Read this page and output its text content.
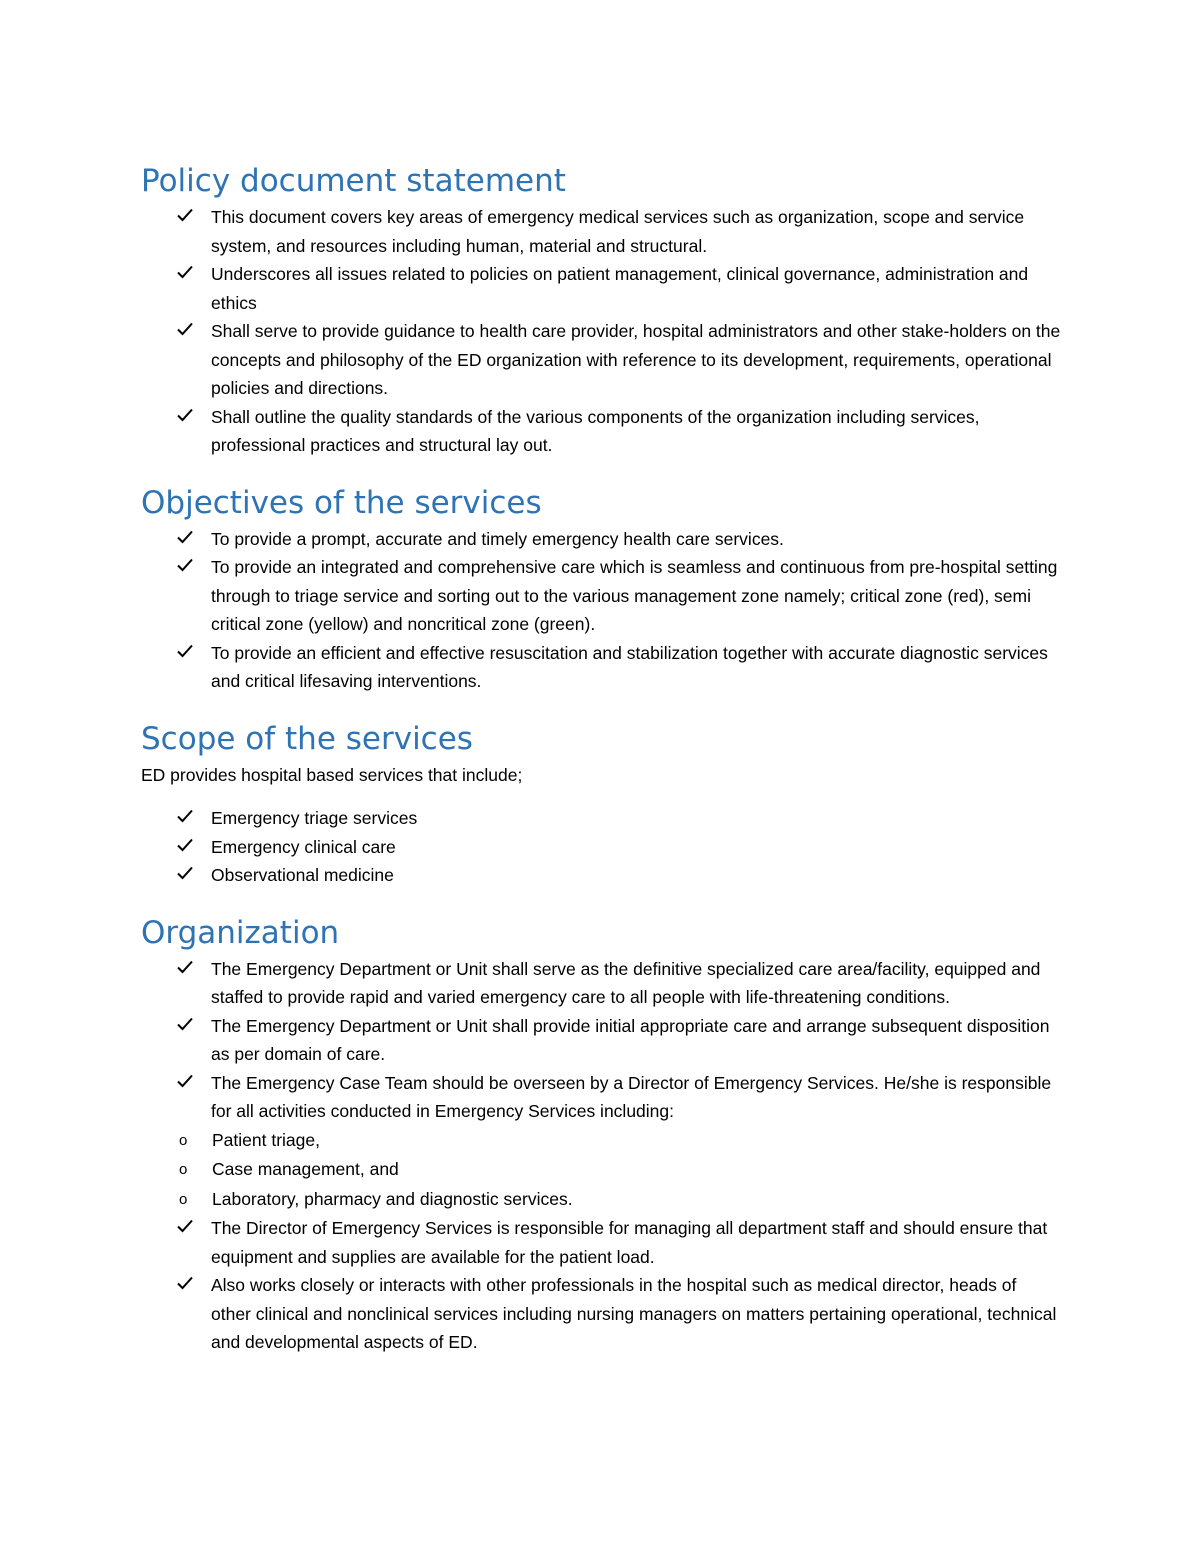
Policy document statement
This document covers key areas of emergency medical services such as organization, scope and service system, and resources including human, material and structural.
Underscores all issues related to policies on patient management, clinical governance, administration and ethics
Shall serve to provide guidance to health care provider, hospital administrators and other stake-holders on the concepts and philosophy of the ED organization with reference to its development, requirements, operational policies and directions.
Shall outline the quality standards of the various components of the organization including services, professional practices and structural lay out.
Objectives of the services
To provide a prompt, accurate and timely emergency health care services.
To provide an integrated and comprehensive care which is seamless and continuous from pre-hospital setting through to triage service and sorting out to the various management zone namely; critical zone (red), semi critical zone (yellow) and noncritical zone (green).
To provide an efficient and effective resuscitation and stabilization together with accurate diagnostic services and critical lifesaving interventions.
Scope of the services

ED provides hospital based services that include;

Emergency triage services
Emergency clinical care
Observational medicine
Organization
The Emergency Department or Unit shall serve as the definitive specialized care area/facility, equipped and staffed to provide rapid and varied emergency care to all people with life-threatening conditions.
The Emergency Department or Unit shall provide initial appropriate care and arrange subsequent disposition as per domain of care.
The Emergency Case Team should be overseen by a Director of Emergency Services. He/she is responsible for all activities conducted in Emergency Services including:
o Patient triage,
o Case management, and
o Laboratory, pharmacy and diagnostic services.
The Director of Emergency Services is responsible for managing all department staff and should ensure that equipment and supplies are available for the patient load.
Also works closely or interacts with other professionals in the hospital such as medical director, heads of other clinical and nonclinical services including nursing managers on matters pertaining operational, technical and developmental aspects of ED.
